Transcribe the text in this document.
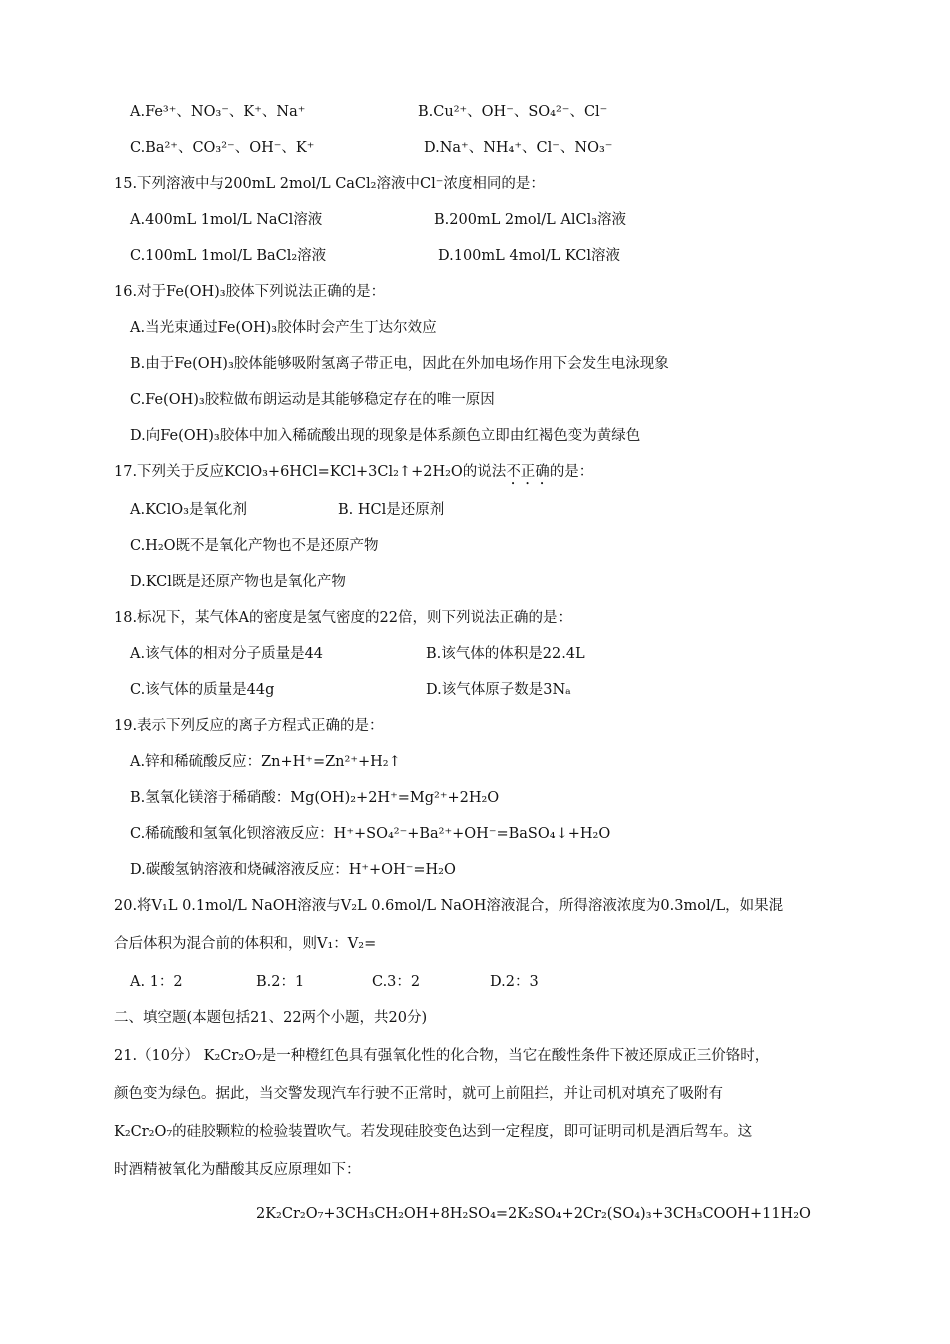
A.Fe³⁺、NO₃⁻、K⁺、Na⁺	B.Cu²⁺、OH⁻、SO₄²⁻、Cl⁻
C.Ba²⁺、CO₃²⁻、OH⁻、K⁺	D.Na⁺、NH₄⁺、Cl⁻、NO₃⁻
15.下列溶液中与200mL 2mol/L CaCl₂溶液中Cl⁻浓度相同的是：
A.400mL 1mol/L NaCl溶液	B.200mL 2mol/L AlCl₃溶液
C.100mL 1mol/L BaCl₂溶液	D.100mL 4mol/L KCl溶液
16.对于Fe(OH)₃胶体下列说法正确的是：
A.当光束通过Fe(OH)₃胶体时会产生丁达尔效应
B.由于Fe(OH)₃胶体能够吸附氢离子带正电，因此在外加电场作用下会发生电泳现象
C.Fe(OH)₃胶粒做布朗运动是其能够稳定存在的唯一原因
D.向Fe(OH)₃胶体中加入稀硫酸出现的现象是体系颜色立即由红褐色变为黄绿色
17.下列关于反应KClO₃+6HCl=KCl+3Cl₂↑+2H₂O的说法不正确的是：
A.KClO₃是氧化剂	B. HCl是还原剂
C.H₂O既不是氧化产物也不是还原产物
D.KCl既是还原产物也是氧化产物
18.标况下，某气体A的密度是氢气密度的22倍，则下列说法正确的是：
A.该气体的相对分子质量是44	B.该气体的体积是22.4L
C.该气体的质量是44g	D.该气体原子数是3Nₐ
19.表示下列反应的离子方程式正确的是：
A.锌和稀硫酸反应：Zn+H⁺=Zn²⁺+H₂↑
B.氢氧化镁溶于稀硝酸：Mg(OH)₂+2H⁺=Mg²⁺+2H₂O
C.稀硫酸和氢氧化钡溶液反应：H⁺+SO₄²⁻+Ba²⁺+OH⁻=BaSO₄↓+H₂O
D.碳酸氢钠溶液和烧碱溶液反应：H⁺+OH⁻=H₂O
20.将V₁L 0.1mol/L NaOH溶液与V₂L 0.6mol/L NaOH溶液混合，所得溶液浓度为0.3mol/L，如果混
合后体积为混合前的体积和，则V₁：V₂=
A. 1：2	B.2：1	C.3：2	D.2：3
二、填空题(本题包括21、22两个小题，共20分)
21.（10分） K₂Cr₂O₇是一种橙红色具有强氧化性的化合物，当它在酸性条件下被还原成正三价铬时，
颜色变为绿色。据此，当交警发现汽车行驶不正常时，就可上前阻拦，并让司机对填充了吸附有
K₂Cr₂O₇的硅胶颗粒的检验装置吹气。若发现硅胶变色达到一定程度，即可证明司机是酒后驾车。这
时酒精被氧化为醋酸其反应原理如下：
2K₂Cr₂O₇+3CH₃CH₂OH+8H₂SO₄=2K₂SO₄+2Cr₂(SO₄)₃+3CH₃COOH+11H₂O
